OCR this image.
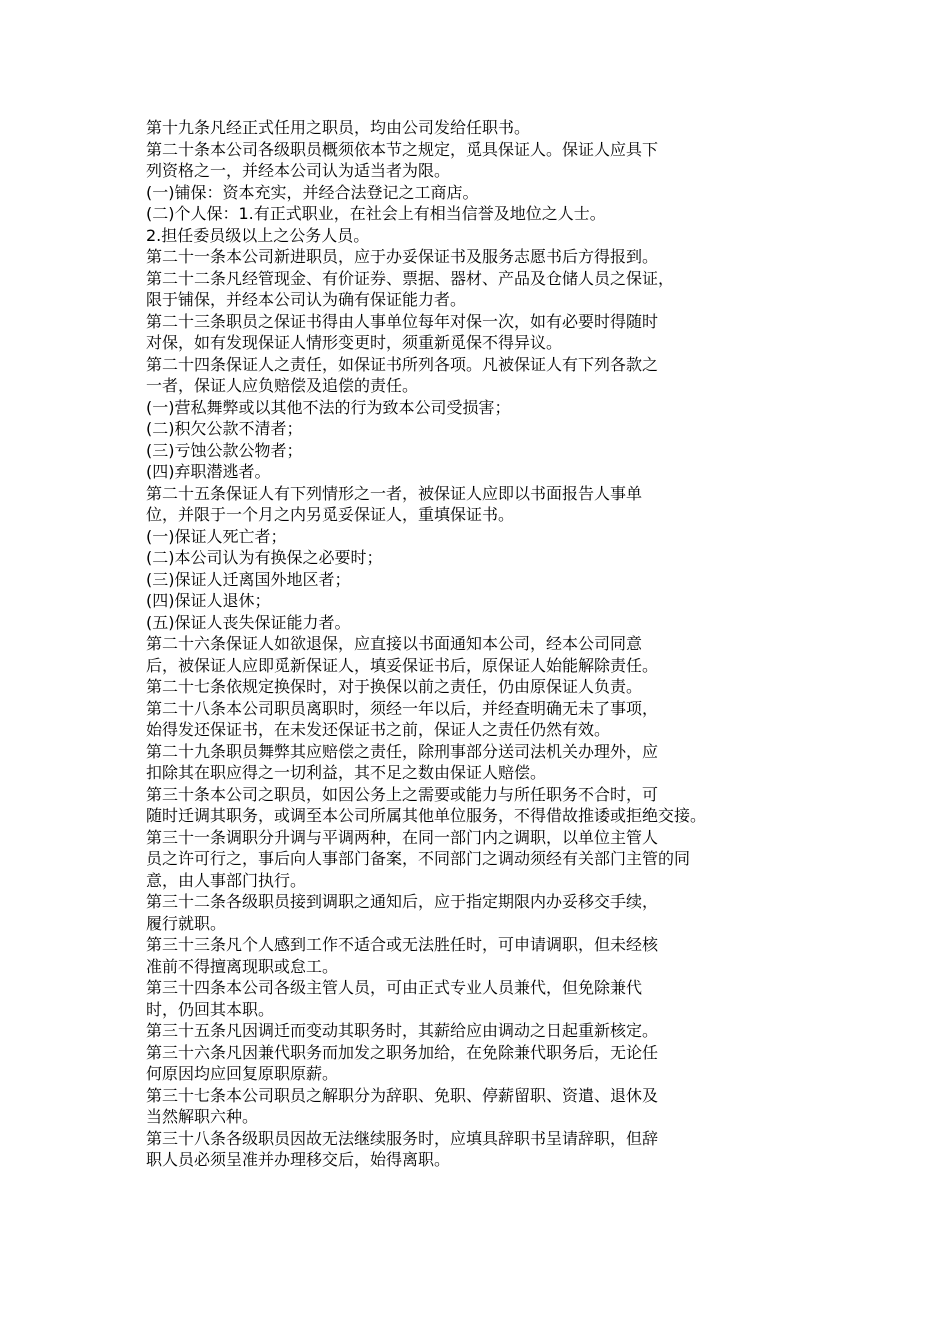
第十九条凡经正式任用之职员，均由公司发给任职书。
第二十条本公司各级职员概须依本节之规定，觅具保证人。保证人应具下
列资格之一，并经本公司认为适当者为限。
(一)铺保：资本充实，并经合法登记之工商店。
(二)个人保：1.有正式职业，在社会上有相当信誉及地位之人士。
2.担任委员级以上之公务人员。
第二十一条本公司新进职员，应于办妥保证书及服务志愿书后方得报到。
第二十二条凡经管现金、有价证券、票据、器材、产品及仓储人员之保证，
限于铺保，并经本公司认为确有保证能力者。
第二十三条职员之保证书得由人事单位每年对保一次，如有必要时得随时
对保，如有发现保证人情形变更时，须重新觅保不得异议。
第二十四条保证人之责任，如保证书所列各项。凡被保证人有下列各款之
一者，保证人应负赔偿及追偿的责任。
(一)营私舞弊或以其他不法的行为致本公司受损害；
(二)积欠公款不清者；
(三)亏蚀公款公物者；
(四)弃职潜逃者。
第二十五条保证人有下列情形之一者，被保证人应即以书面报告人事单
位，并限于一个月之内另觅妥保证人，重填保证书。
(一)保证人死亡者；
(二)本公司认为有换保之必要时；
(三)保证人迁离国外地区者；
(四)保证人退休；
(五)保证人丧失保证能力者。
第二十六条保证人如欲退保，应直接以书面通知本公司，经本公司同意
后，被保证人应即觅新保证人，填妥保证书后，原保证人始能解除责任。
第二十七条依规定换保时，对于换保以前之责任，仍由原保证人负责。
第二十八条本公司职员离职时，须经一年以后，并经查明确无未了事项，
始得发还保证书，在未发还保证书之前，保证人之责任仍然有效。
第二十九条职员舞弊其应赔偿之责任，除刑事部分送司法机关办理外，应
扣除其在职应得之一切利益，其不足之数由保证人赔偿。
第三十条本公司之职员，如因公务上之需要或能力与所任职务不合时，可
随时迁调其职务，或调至本公司所属其他单位服务，不得借故推诿或拒绝交接。
第三十一条调职分升调与平调两种，在同一部门内之调职，以单位主管人
员之许可行之，事后向人事部门备案，不同部门之调动须经有关部门主管的同
意，由人事部门执行。
第三十二条各级职员接到调职之通知后，应于指定期限内办妥移交手续，
履行就职。
第三十三条凡个人感到工作不适合或无法胜任时，可申请调职，但未经核
准前不得擅离现职或怠工。
第三十四条本公司各级主管人员，可由正式专业人员兼代，但免除兼代
时，仍回其本职。
第三十五条凡因调迁而变动其职务时，其薪给应由调动之日起重新核定。
第三十六条凡因兼代职务而加发之职务加给，在免除兼代职务后，无论任
何原因均应回复原职原薪。
第三十七条本公司职员之解职分为辞职、免职、停薪留职、资遣、退休及
当然解职六种。
第三十八条各级职员因故无法继续服务时，应填具辞职书呈请辞职，但辞
职人员必须呈准并办理移交后，始得离职。
